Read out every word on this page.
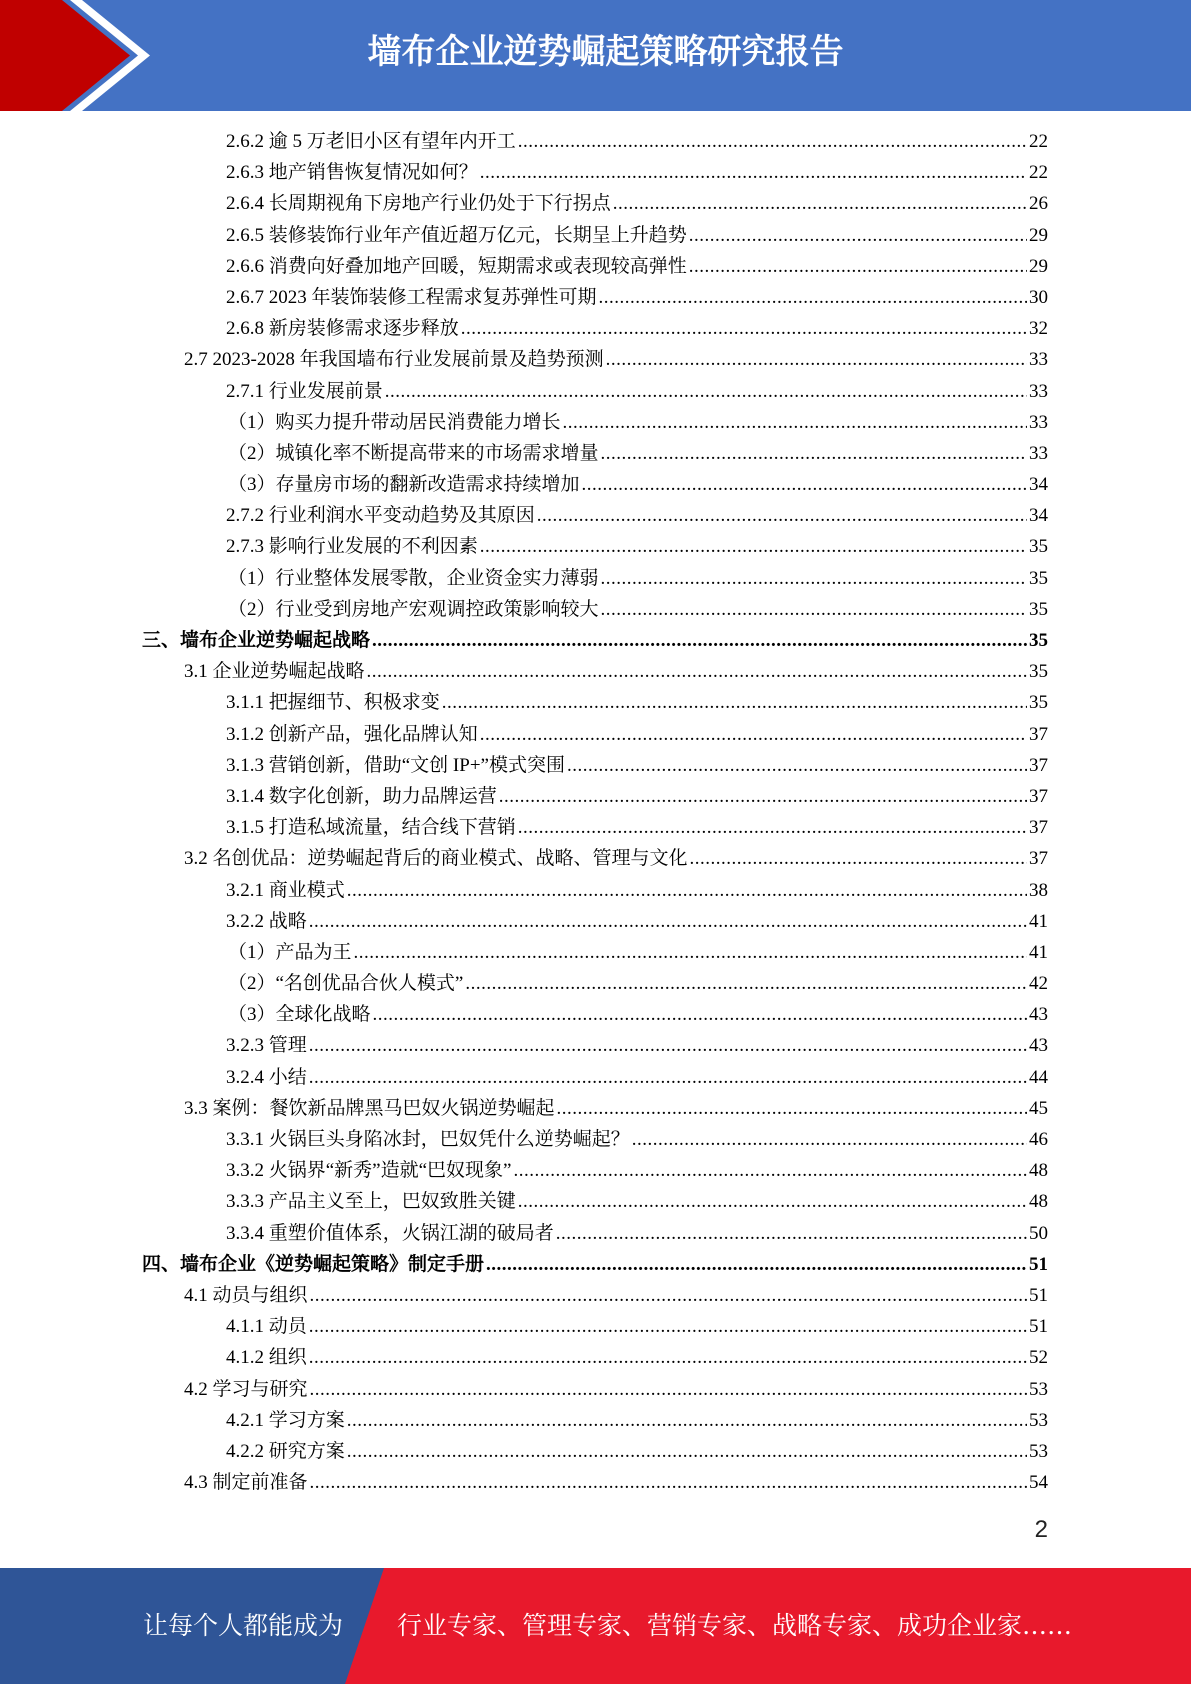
墙布企业逆势崛起策略研究报告
2.6.2 逾 5 万老旧小区有望年内开工 .....	22
2.6.3 地产销售恢复情况如何？ .....	22
2.6.4 长周期视角下房地产行业仍处于下行拐点 .....	26
2.6.5 装修装饰行业年产值近超万亿元，长期呈上升趋势 .....	29
2.6.6 消费向好叠加地产回暖，短期需求或表现较高弹性 .....	29
2.6.7 2023 年装饰装修工程需求复苏弹性可期 .....	30
2.6.8 新房装修需求逐步释放 .....	32
2.7 2023-2028 年我国墙布行业发展前景及趋势预测 .....	33
2.7.1 行业发展前景 .....	33
（1）购买力提升带动居民消费能力增长 .....	33
（2）城镇化率不断提高带来的市场需求增量 .....	33
（3）存量房市场的翻新改造需求持续增加 .....	34
2.7.2 行业利润水平变动趋势及其原因 .....	34
2.7.3 影响行业发展的不利因素 .....	35
（1）行业整体发展零散，企业资金实力薄弱 .....	35
（2）行业受到房地产宏观调控政策影响较大 .....	35
三、墙布企业逆势崛起战略 .....	35
3.1 企业逆势崛起战略 .....	35
3.1.1 把握细节、积极求变 .....	35
3.1.2 创新产品，强化品牌认知 .....	37
3.1.3 营销创新，借助“文创 IP+”模式突围 .....	37
3.1.4 数字化创新，助力品牌运营 .....	37
3.1.5 打造私域流量，结合线下营销 .....	37
3.2 名创优品：逆势崛起背后的商业模式、战略、管理与文化 .....	37
3.2.1 商业模式 .....	38
3.2.2 战略 .....	41
（1）产品为王 .....	41
（2）“名创优品合伙人模式” .....	42
（3）全球化战略 .....	43
3.2.3 管理 .....	43
3.2.4 小结 .....	44
3.3 案例：餐饮新品牌黑马巴奴火锅逆势崛起 .....	45
3.3.1 火锅巨头身陷冰封，巴奴凭什么逆势崛起？ .....	46
3.3.2 火锅界“新秀”造就“巴奴现象” .....	48
3.3.3 产品主义至上，巴奴致胜关键 .....	48
3.3.4 重塑价值体系，火锅江湖的破局者 .....	50
四、墙布企业《逆势崛起策略》制定手册 .....	51
4.1 动员与组织 .....	51
4.1.1 动员 .....	51
4.1.2 组织 .....	52
4.2 学习与研究 .....	53
4.2.1 学习方案 .....	53
4.2.2 研究方案 .....	53
4.3 制定前准备 .....	54
2
让每个人都能成为 行业专家、管理专家、营销专家、战略专家、成功企业家……
